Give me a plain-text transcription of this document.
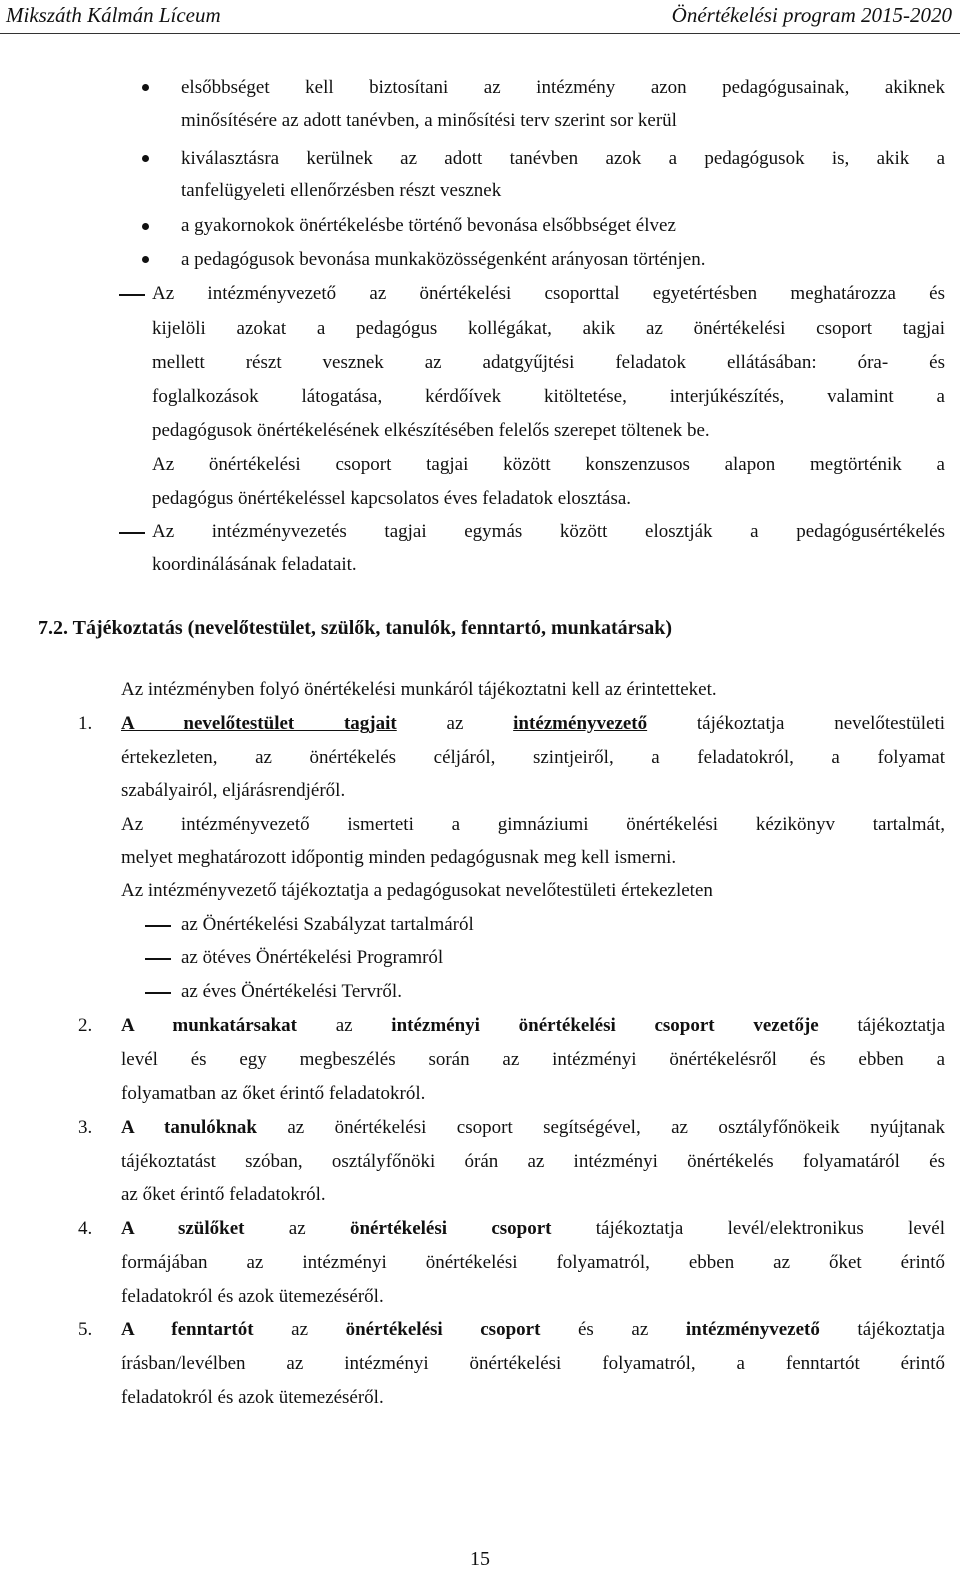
Mikszáth Kálmán Líceum	Önértékelési program 2015-2020
elsőbbséget kell biztosítani az intézmény azon pedagógusainak, akiknek
minősítésére az adott tanévben, a minősítési terv szerint sor kerül
kiválasztásra kerülnek az adott tanévben azok a pedagógusok is, akik a
tanfelügyeleti ellenőrzésben részt vesznek
a gyakornokok önértékelésbe történő bevonása elsőbbséget élvez
a pedagógusok bevonása munkaközösségenként arányosan történjen.
Az intézményvezető az önértékelési csoporttal egyetértésben meghatározza és
kijelöli azokat a pedagógus kollégákat, akik az önértékelési csoport tagjai
mellett részt vesznek az adatgyűjtési feladatok ellátásában: óra- és
foglalkozások látogatása, kérdőívek kitöltetése, interjúkészítés, valamint a
pedagógusok önértékelésének elkészítésében felelős szerepet töltenek be.
Az önértékelési csoport tagjai között konszenzusos alapon megtörténik a
pedagógus önértékeléssel kapcsolatos éves feladatok elosztása.
Az intézményvezetés tagjai egymás között elosztják a pedagógusértékelés
koordinálásának feladatait.
7.2. Tájékoztatás (nevelőtestület, szülők, tanulók, fenntartó, munkatársak)
Az intézményben folyó önértékelési munkáról tájékoztatni kell az érintetteket.
1. A nevelőtestület tagjait az intézményvezető tájékoztatja nevelőtestületi
értekezleten, az önértékelés céljáról, szintjeiről, a feladatokról, a folyamat
szabályairól, eljárásrendjéről.
Az intézményvezető ismerteti a gimnáziumi önértékelési kézikönyv tartalmát,
melyet meghatározott időpontig minden pedagógusnak meg kell ismerni.
Az intézményvezető tájékoztatja a pedagógusokat nevelőtestületi értekezleten
az Önértékelési Szabályzat tartalmáról
az ötéves Önértékelési Programról
az éves Önértékelési Tervről.
2. A munkatársakat az intézményi önértékelési csoport vezetője tájékoztatja
levél és egy megbeszélés során az intézményi önértékelésről és ebben a
folyamatban az őket érintő feladatokról.
3. A tanulóknak az önértékelési csoport segítségével, az osztályfőnökeik nyújtanak
tájékoztatást szóban, osztályfőnöki órán az intézményi önértékelés folyamatáról és
az őket érintő feladatokról.
4. A szülőket az önértékelési csoport tájékoztatja levél/elektronikus levél
formájában az intézményi önértékelési folyamatról, ebben az őket érintő
feladatokról és azok ütemezéséről.
5. A fenntartót az önértékelési csoport és az intézményvezető tájékoztatja
írásban/levélben az intézményi önértékelési folyamatról, a fenntartót érintő
feladatokról és azok ütemezéséről.
15
